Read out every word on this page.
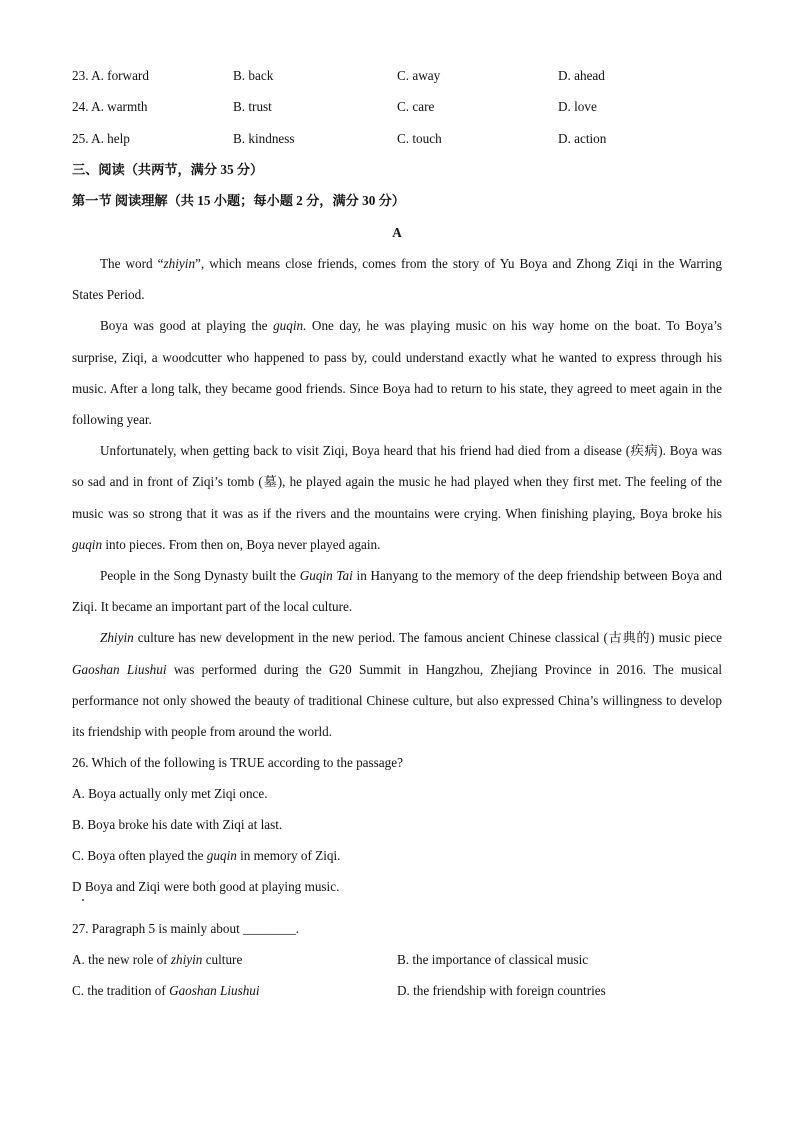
23. A. forward	B. back	C. away	D. ahead
24. A. warmth	B. trust	C. care	D. love
25. A. help	B. kindness	C. touch	D. action
三、阅读（共两节，满分 35 分）
第一节 阅读理解（共 15 小题；每小题 2 分，满分 30 分）
A

The word “zhiyin”, which means close friends, comes from the story of Yu Boya and Zhong Ziqi in the Warring States Period.

Boya was good at playing the guqin. One day, he was playing music on his way home on the boat. To Boya’s surprise, Ziqi, a woodcutter who happened to pass by, could understand exactly what he wanted to express through his music. After a long talk, they became good friends. Since Boya had to return to his state, they agreed to meet again in the following year.

Unfortunately, when getting back to visit Ziqi, Boya heard that his friend had died from a disease (疾病). Boya was so sad and in front of Ziqi’s tomb (墓), he played again the music he had played when they first met. The feeling of the music was so strong that it was as if the rivers and the mountains were crying. When finishing playing, Boya broke his guqin into pieces. From then on, Boya never played again.

People in the Song Dynasty built the Guqin Tai in Hanyang to the memory of the deep friendship between Boya and Ziqi. It became an important part of the local culture.

Zhiyin culture has new development in the new period. The famous ancient Chinese classical (古典的) music piece Gaoshan Liushui was performed during the G20 Summit in Hangzhou, Zhejiang Province in 2016. The musical performance not only showed the beauty of traditional Chinese culture, but also expressed China’s willingness to develop its friendship with people from around the world.

26. Which of the following is TRUE according to the passage?
A. Boya actually only met Ziqi once.
B. Boya broke his date with Ziqi at last.
C. Boya often played the guqin in memory of Ziqi.
D Boya and Ziqi were both good at playing music.
27. Paragraph 5 is mainly about ________.
A. the new role of zhiyin culture	B. the importance of classical music
C. the tradition of Gaoshan Liushui	D. the friendship with foreign countries
